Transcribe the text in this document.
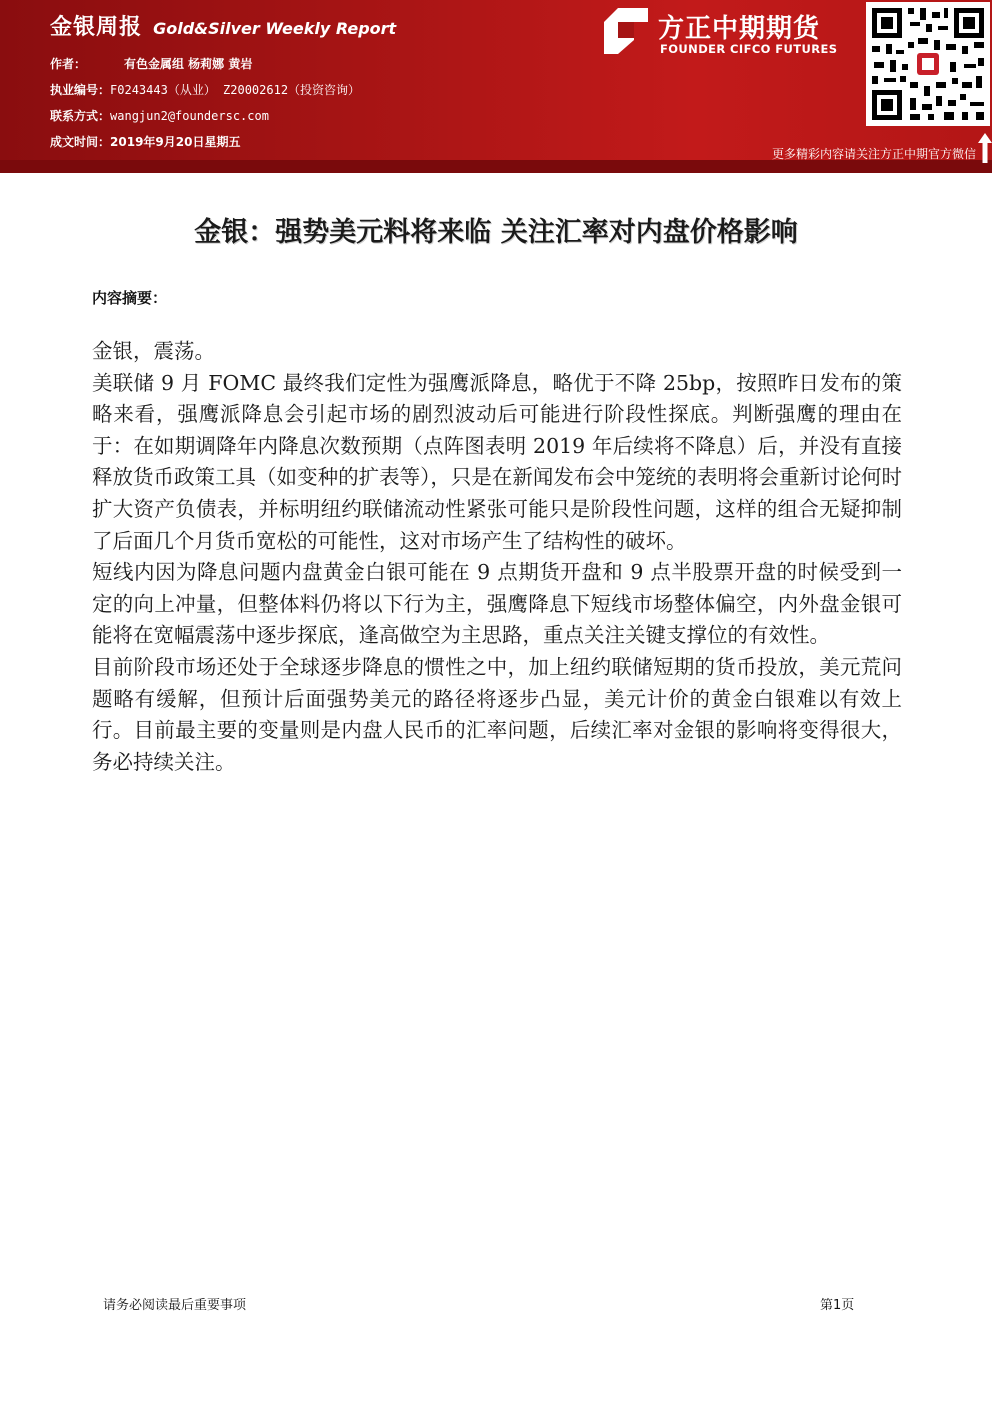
金银周报 Gold&Silver Weekly Report
作者：	有色金属组 杨莉娜 黄岩
执业编号：F0243443（从业） Z20002612（投资咨询）
联系方式：wangjun2@foundersc.com
成文时间：2019年9月20日星期五
方正中期期货
FOUNDER CIFCO FUTURES
更多精彩内容请关注方正中期官方微信
金银：强势美元料将来临 关注汇率对内盘价格影响
内容摘要：

金银，震荡。

美联储 9 月 FOMC 最终我们定性为强鹰派降息，略优于不降 25bp，按照昨日发布的策略来看，强鹰派降息会引起市场的剧烈波动后可能进行阶段性探底。判断强鹰的理由在于：在如期调降年内降息次数预期（点阵图表明 2019 年后续将不降息）后，并没有直接释放货币政策工具（如变种的扩表等），只是在新闻发布会中笼统的表明将会重新讨论何时扩大资产负债表，并标明纽约联储流动性紧张可能只是阶段性问题，这样的组合无疑抑制了后面几个月货币宽松的可能性，这对市场产生了结构性的破坏。

短线内因为降息问题内盘黄金白银可能在 9 点期货开盘和 9 点半股票开盘的时候受到一定的向上冲量，但整体料仍将以下行为主，强鹰降息下短线市场整体偏空，内外盘金银可能将在宽幅震荡中逐步探底，逢高做空为主思路，重点关注关键支撑位的有效性。

目前阶段市场还处于全球逐步降息的惯性之中，加上纽约联储短期的货币投放，美元荒问题略有缓解，但预计后面强势美元的路径将逐步凸显，美元计价的黄金白银难以有效上行。目前最主要的变量则是内盘人民币的汇率问题，后续汇率对金银的影响将变得很大，务必持续关注。

请务必阅读最后重要事项	第1页
